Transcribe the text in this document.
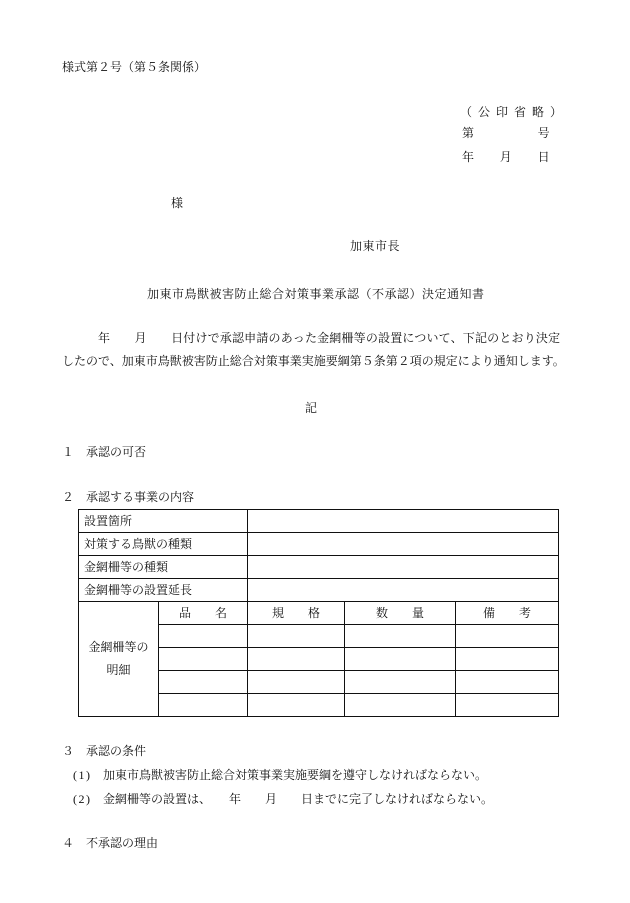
様式第２号（第５条関係）
（公印省略）
第　　　　　号
年　　月　　日
様
加東市長
加東市鳥獣被害防止総合対策事業承認（不承認）決定通知書
年　　月　　日付けで承認申請のあった金網柵等の設置について、下記のとおり決定
したので、加東市鳥獣被害防止総合対策事業実施要綱第５条第２項の規定により通知します。
記
１ 承認の可否
２ 承認する事業の内容
設置箇所				
対策する鳥獣の種類				
金網柵等の種類				
金網柵等の設置延長				

金網柵等の
明細	品　　名	規　　格	数　　量	備　　考

３ 承認の条件
(1) 加東市鳥獣被害防止総合対策事業実施要綱を遵守しなければならない。
(2) 金網柵等の設置は、　　年　　月　　日までに完了しなければならない。
４ 不承認の理由
